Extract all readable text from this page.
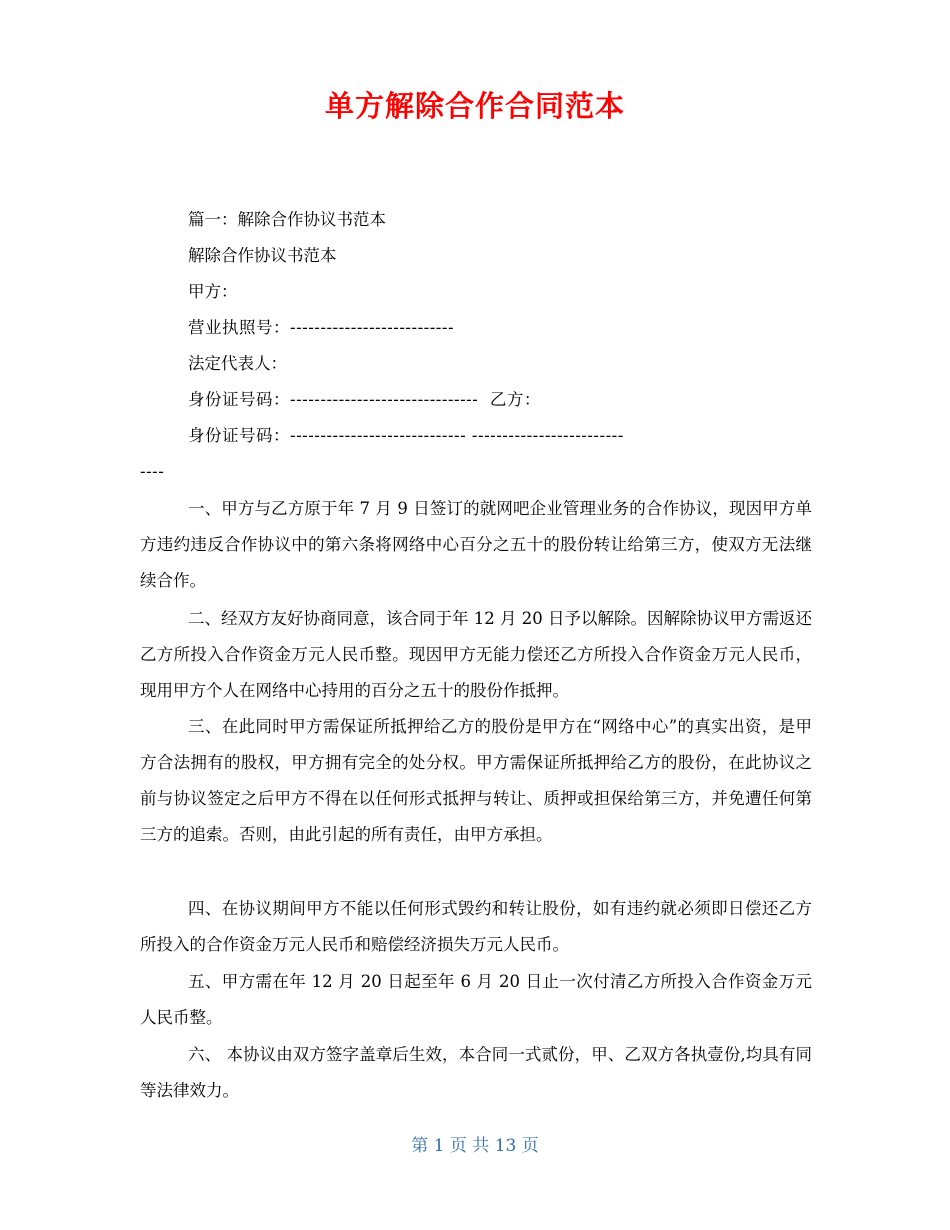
单方解除合作合同范本

篇一：解除合作协议书范本

解除合作协议书范本

甲方：

营业执照号：---------------------------

法定代表人：

身份证号码：-------------------------------  乙方：

身份证号码：----------------------------- -------------------------

----

一、甲方与乙方原于年 7 月 9 日签订的就网吧企业管理业务的合作协议，现因甲方单方违约违反合作协议中的第六条将网络中心百分之五十的股份转让给第三方，使双方无法继续合作。

二、经双方友好协商同意，该合同于年 12 月 20 日予以解除。因解除协议甲方需返还乙方所投入合作资金万元人民币整。现因甲方无能力偿还乙方所投入合作资金万元人民币，现用甲方个人在网络中心持用的百分之五十的股份作抵押。

三、在此同时甲方需保证所抵押给乙方的股份是甲方在“网络中心”的真实出资，是甲方合法拥有的股权，甲方拥有完全的处分权。甲方需保证所抵押给乙方的股份，在此协议之前与协议签定之后甲方不得在以任何形式抵押与转让、质押或担保给第三方，并免遭任何第三方的追索。否则，由此引起的所有责任，由甲方承担。

四、在协议期间甲方不能以任何形式毁约和转让股份，如有违约就必须即日偿还乙方所投入的合作资金万元人民币和赔偿经济损失万元人民币。

五、甲方需在年 12 月 20 日起至年 6 月 20 日止一次付清乙方所投入合作资金万元人民币整。

六、 本协议由双方签字盖章后生效，本合同一式贰份，甲、乙双方各执壹份,均具有同等法律效力。

第 1 页 共 13 页
